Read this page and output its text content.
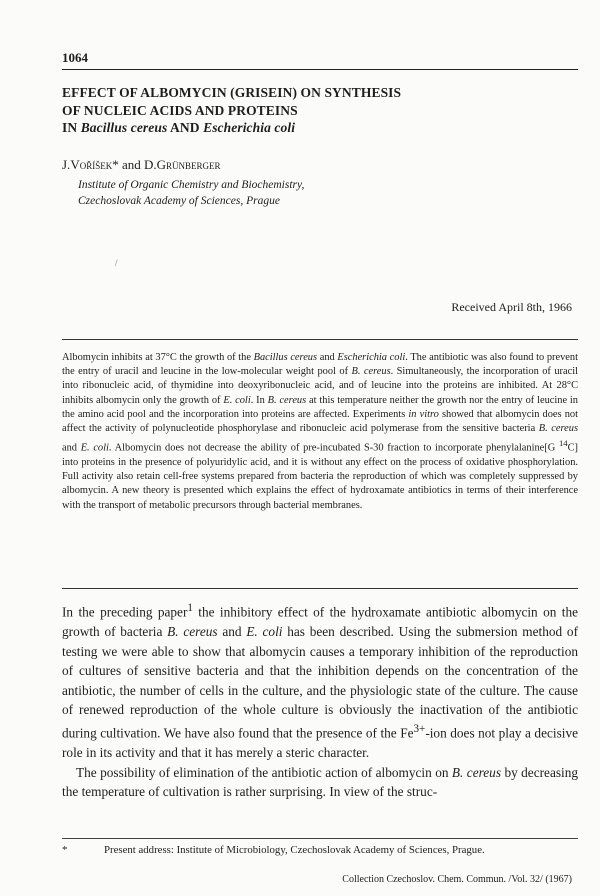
1064
EFFECT OF ALBOMYCIN (GRISEIN) ON SYNTHESIS
OF NUCLEIC ACIDS AND PROTEINS
IN Bacillus cereus AND Escherichia coli
J.Voříšek* and D.Grünberger
Institute of Organic Chemistry and Biochemistry,
Czechoslovak Academy of Sciences, Prague
/
Received April 8th, 1966
Albomycin inhibits at 37°C the growth of the Bacillus cereus and Escherichia coli. The antibiotic was also found to prevent the entry of uracil and leucine in the low-molecular weight pool of B. cereus. Simultaneously, the incorporation of uracil into ribonucleic acid, of thymidine into deoxyribonucleic acid, and of leucine into the proteins are inhibited. At 28°C inhibits albomycin only the growth of E. coli. In B. cereus at this temperature neither the growth nor the entry of leucine in the amino acid pool and the incorporation into proteins are affected. Experiments in vitro showed that albomycin does not affect the activity of polynucleotide phosphorylase and ribonucleic acid polymerase from the sensitive bacteria B. cereus and E. coli. Albomycin does not decrease the ability of pre-incubated S-30 fraction to incorporate phenylalanine[G $^{14}$C] into proteins in the presence of polyuridylic acid, and it is without any effect on the process of oxidative phosphorylation. Full activity also retain cell-free systems prepared from bacteria the reproduction of which was completely suppressed by albomycin. A new theory is presented which explains the effect of hydroxamate antibiotics in terms of their interference with the transport of metabolic precursors through bacterial membranes.

In the preceding paper$^1$ the inhibitory effect of the hydroxamate antibiotic albomycin on the growth of bacteria B. cereus and E. coli has been described. Using the submersion method of testing we were able to show that albomycin causes a temporary inhibition of the reproduction of cultures of sensitive bacteria and that the inhibition depends on the concentration of the antibiotic, the number of cells in the culture, and the physiologic state of the culture. The cause of renewed reproduction of the whole culture is obviously the inactivation of the antibiotic during cultivation. We have also found that the presence of the $Fe^{3+}$-ion does not play a decisive role in its activity and that it has merely a steric character.

The possibility of elimination of the antibiotic action of albomycin on B. cereus by decreasing the temperature of cultivation is rather surprising. In view of the struc-

*	Present address: Institute of Microbiology, Czechoslovak Academy of Sciences, Prague.
Collection Czechoslov. Chem. Commun. /Vol. 32/ (1967)
